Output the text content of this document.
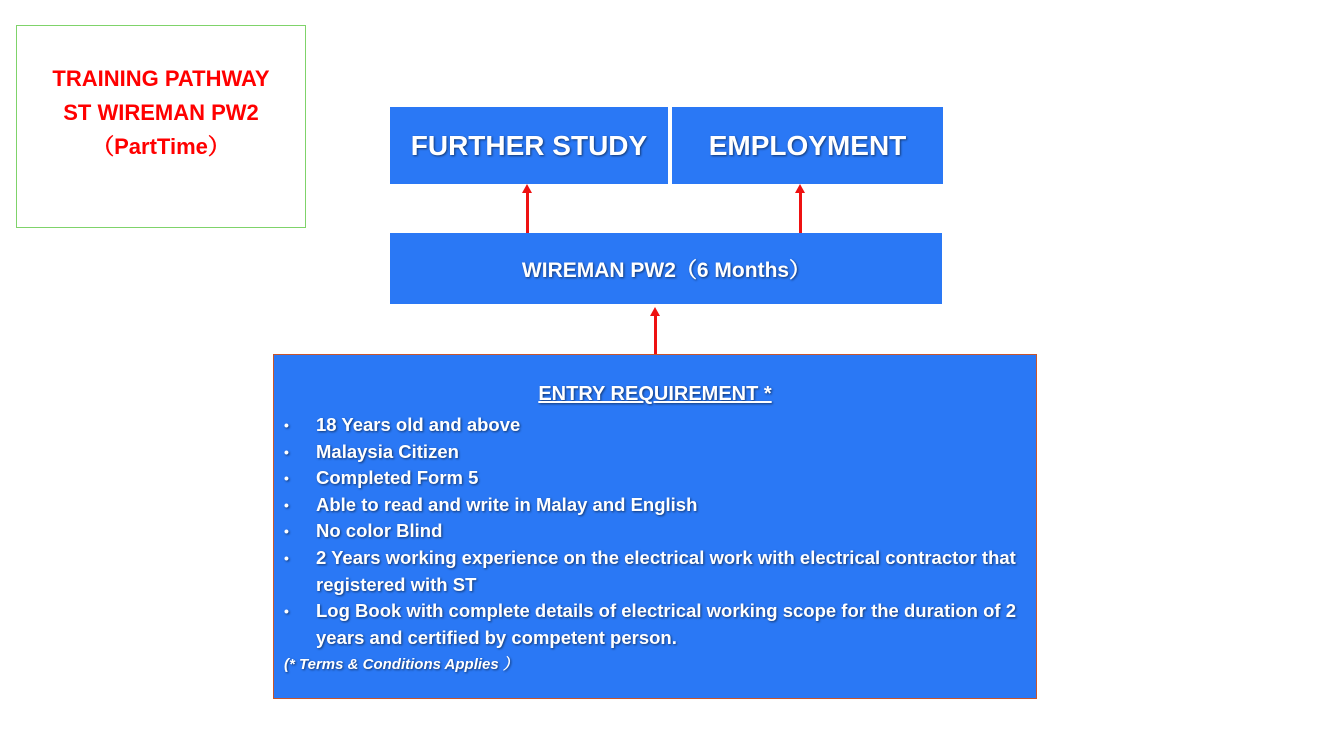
TRAINING PATHWAY
ST WIREMAN PW2
（PartTime）	FURTHER STUDY EMPLOYMENT
WIREMAN PW2（6 Months）
ENTRY REQUIREMENT *
• 18 Years old and above
• Malaysia Citizen
• Completed Form 5
• Able to read and write in Malay and English
• No color Blind
• 2 Years working experience on the electrical work with electrical contractor that registered with ST
• Log Book with complete details of electrical working scope for the duration of 2 years and certified by competent person.
(* Terms & Conditions Applies ）
